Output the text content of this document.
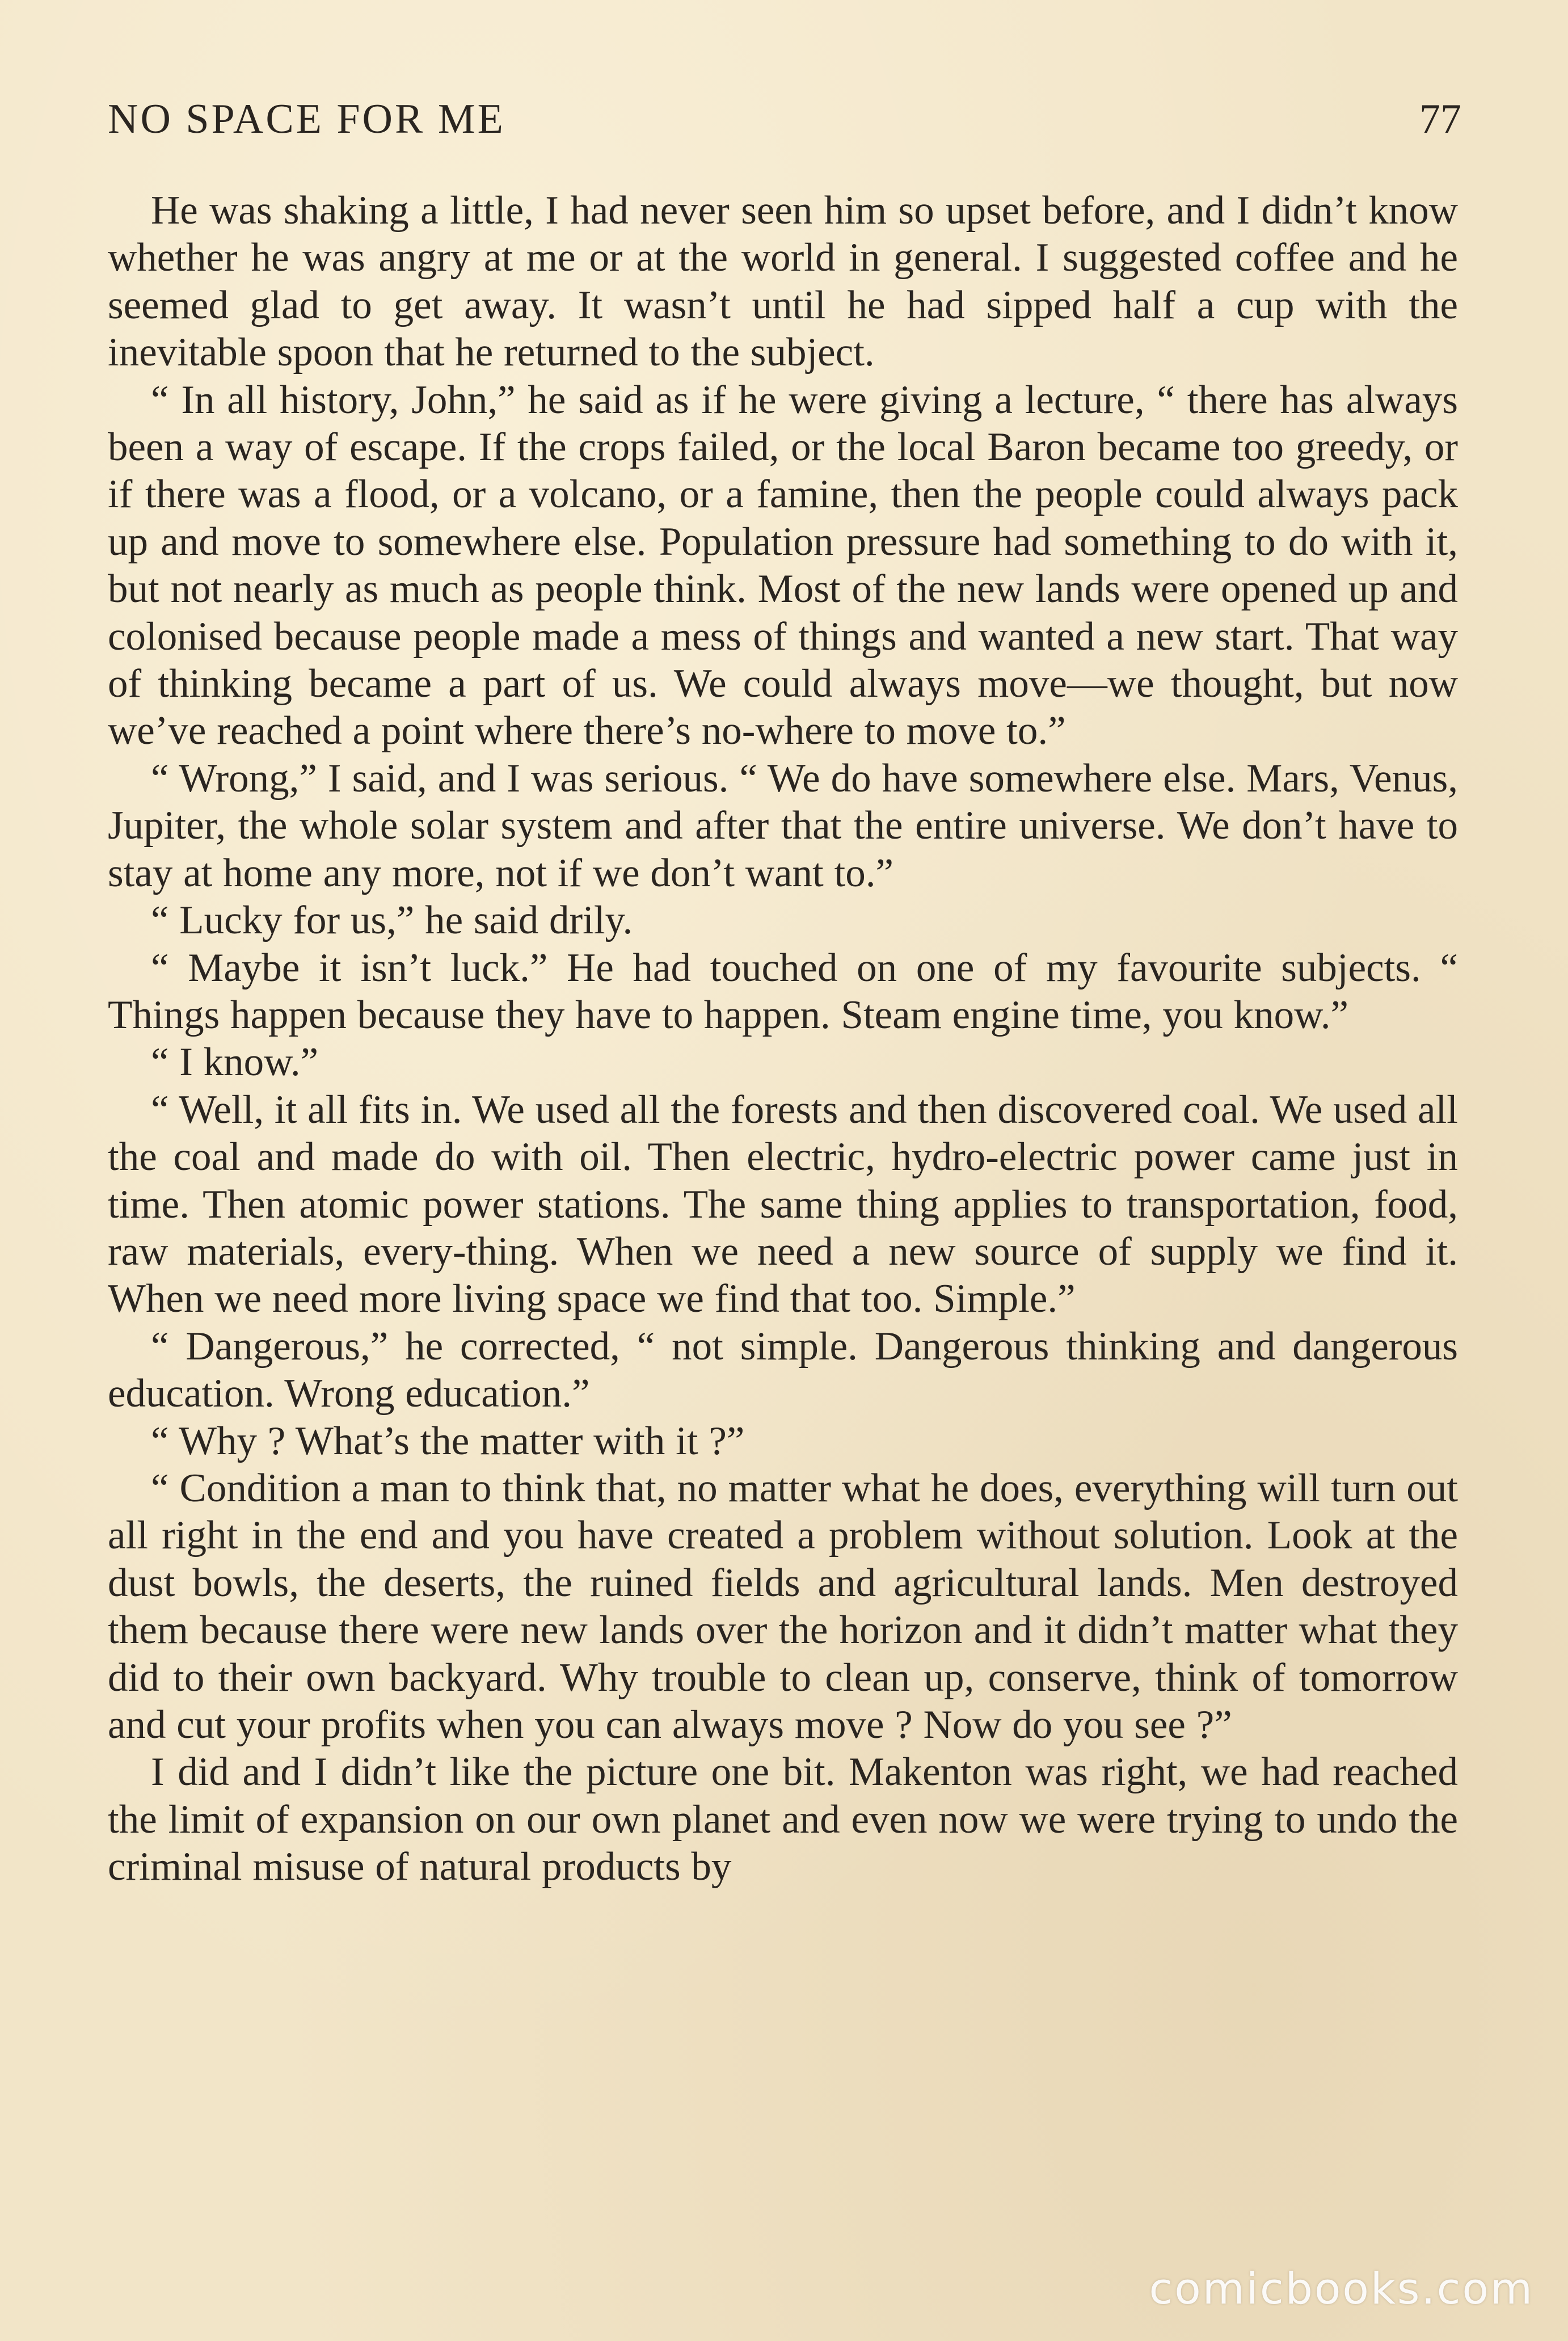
NO SPACE FOR ME	77

He was shaking a little, I had never seen him so upset before, and I didn’t know whether he was angry at me or at the world in general. I suggested coffee and he seemed glad to get away. It wasn’t until he had sipped half a cup with the inevitable spoon that he returned to the subject.

“ In all history, John,” he said as if he were giving a lecture, “ there has always been a way of escape. If the crops failed, or the local Baron became too greedy, or if there was a flood, or a volcano, or a famine, then the people could always pack up and move to somewhere else. Population pressure had something to do with it, but not nearly as much as people think. Most of the new lands were opened up and colonised because people made a mess of things and wanted a new start. That way of thinking became a part of us. We could always move—we thought, but now we’ve reached a point where there’s no-where to move to.”

“ Wrong,” I said, and I was serious. “ We do have somewhere else. Mars, Venus, Jupiter, the whole solar system and after that the entire universe. We don’t have to stay at home any more, not if we don’t want to.”

“ Lucky for us,” he said drily.

“ Maybe it isn’t luck.” He had touched on one of my favourite subjects. “ Things happen because they have to happen. Steam engine time, you know.”

“ I know.”

“ Well, it all fits in. We used all the forests and then discovered coal. We used all the coal and made do with oil. Then electric, hydro-electric power came just in time. Then atomic power stations. The same thing applies to transportation, food, raw materials, every-thing. When we need a new source of supply we find it. When we need more living space we find that too. Simple.”

“ Dangerous,” he corrected, “ not simple. Dangerous thinking and dangerous education. Wrong education.”

“ Why ? What’s the matter with it ?”

“ Condition a man to think that, no matter what he does, everything will turn out all right in the end and you have created a problem without solution. Look at the dust bowls, the deserts, the ruined fields and agricultural lands. Men destroyed them because there were new lands over the horizon and it didn’t matter what they did to their own backyard. Why trouble to clean up, conserve, think of tomorrow and cut your profits when you can always move ? Now do you see ?”

I did and I didn’t like the picture one bit. Makenton was right, we had reached the limit of expansion on our own planet and even now we were trying to undo the criminal misuse of natural products by

comicbooks.com
